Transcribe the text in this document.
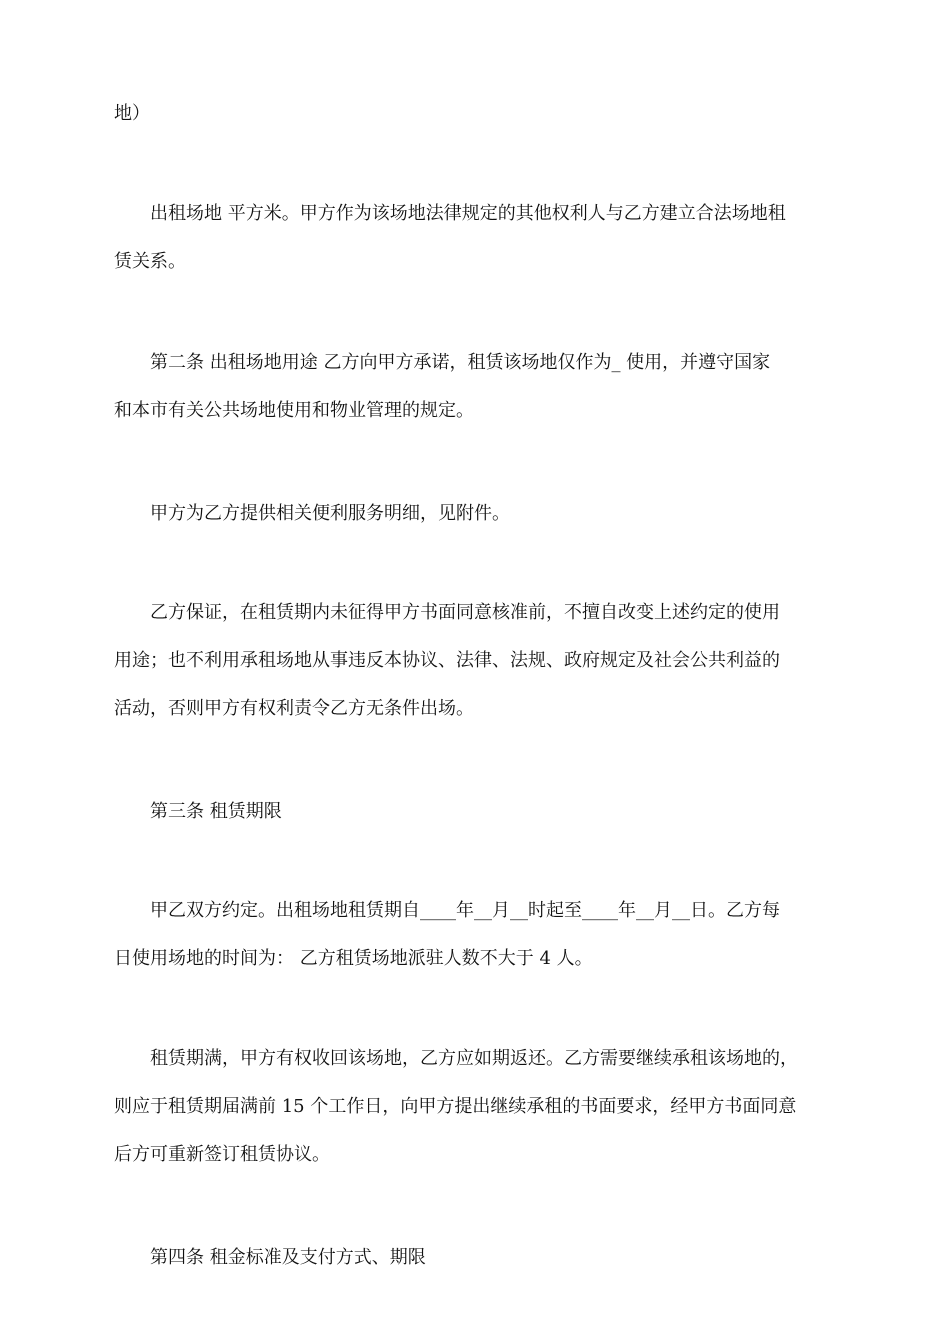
地）
出租场地 平方米。甲方作为该场地法律规定的其他权利人与乙方建立合法场地租
赁关系。
第二条 出租场地用途 乙方向甲方承诺，租赁该场地仅作为_ 使用，并遵守国家
和本市有关公共场地使用和物业管理的规定。
甲方为乙方提供相关便利服务明细，见附件。
乙方保证，在租赁期内未征得甲方书面同意核准前，不擅自改变上述约定的使用
用途；也不利用承租场地从事违反本协议、法律、法规、政府规定及社会公共利益的
活动，否则甲方有权利责令乙方无条件出场。
第三条 租赁期限
甲乙双方约定。出租场地租赁期自____年__月__时起至____年__月__日。乙方每
日使用场地的时间为： 乙方租赁场地派驻人数不大于 4 人。
租赁期满，甲方有权收回该场地，乙方应如期返还。乙方需要继续承租该场地的，
则应于租赁期届满前 15 个工作日，向甲方提出继续承租的书面要求，经甲方书面同意
后方可重新签订租赁协议。
第四条 租金标准及支付方式、期限
